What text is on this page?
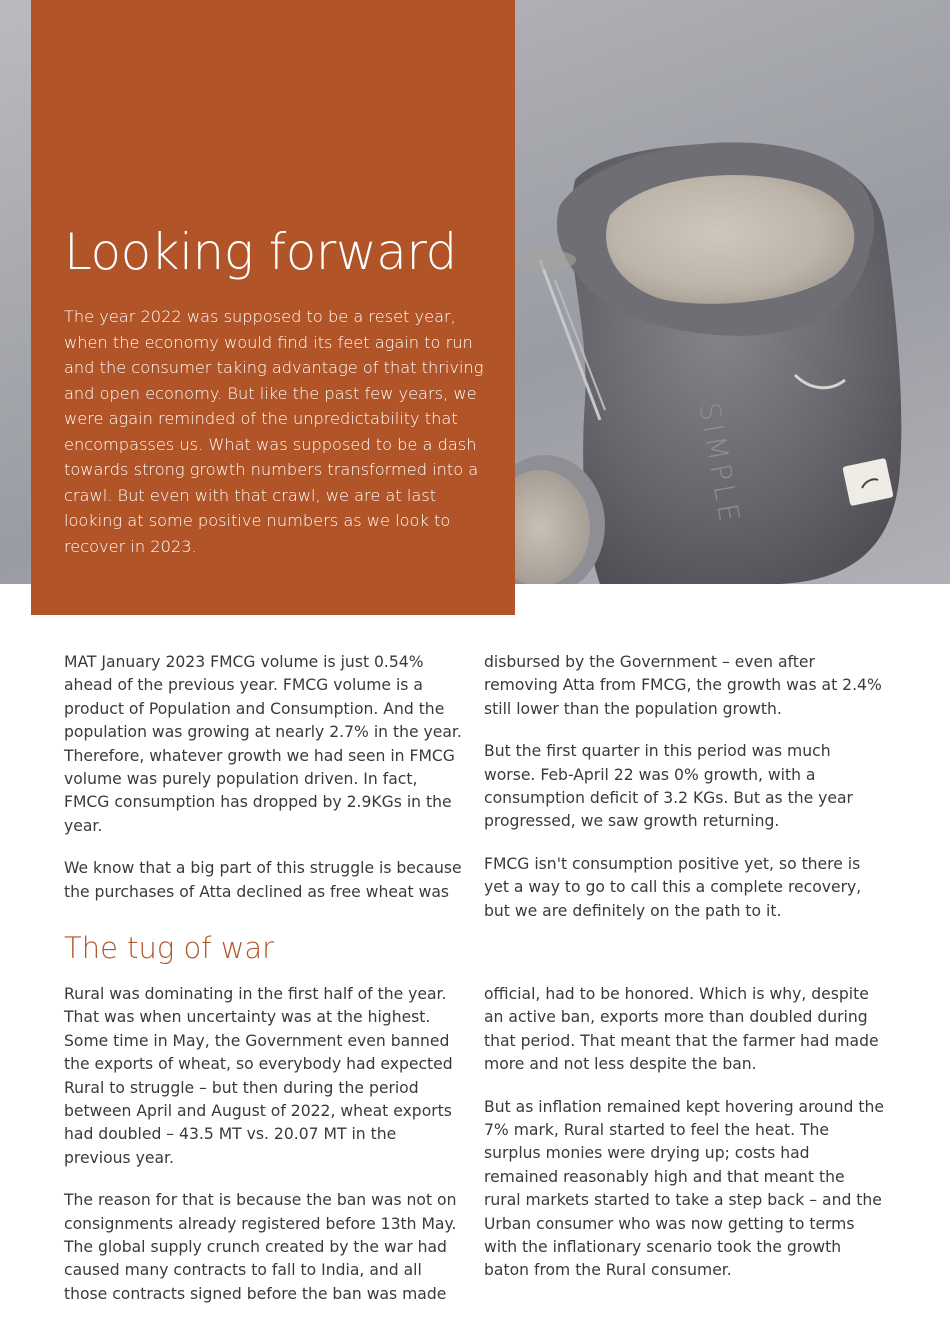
SIMPLE
Looking forward

The year 2022 was supposed to be a reset year, when the economy would find its feet again to run and the consumer taking advantage of that thriving and open economy. But like the past few years, we were again reminded of the unpredictability that encompasses us. What was supposed to be a dash towards strong growth numbers transformed into a crawl. But even with that crawl, we are at last looking at some positive numbers as we look to recover in 2023.

MAT January 2023 FMCG volume is just 0.54% ahead of the previous year. FMCG volume is a product of Population and Consumption. And the population was growing at nearly 2.7% in the year. Therefore, whatever growth we had seen in FMCG volume was purely population driven. In fact, FMCG consumption has dropped by 2.9KGs in the year.

We know that a big part of this struggle is because the purchases of Atta declined as free wheat was

disbursed by the Government – even after removing Atta from FMCG, the growth was at 2.4% still lower than the population growth.

But the first quarter in this period was much worse. Feb-April 22 was 0% growth, with a consumption deficit of 3.2 KGs. But as the year progressed, we saw growth returning.

FMCG isn't consumption positive yet, so there is yet a way to go to call this a complete recovery, but we are definitely on the path to it.

The tug of war

Rural was dominating in the first half of the year. That was when uncertainty was at the highest. Some time in May, the Government even banned the exports of wheat, so everybody had expected Rural to struggle – but then during the period between April and August of 2022, wheat exports had doubled – 43.5 MT vs. 20.07 MT in the previous year.

The reason for that is because the ban was not on consignments already registered before 13th May. The global supply crunch created by the war had caused many contracts to fall to India, and all those contracts signed before the ban was made

official, had to be honored. Which is why, despite an active ban, exports more than doubled during that period. That meant that the farmer had made more and not less despite the ban.

But as inflation remained kept hovering around the 7% mark, Rural started to feel the heat. The surplus monies were drying up; costs had remained reasonably high and that meant the rural markets started to take a step back – and the Urban consumer who was now getting to terms with the inflationary scenario took the growth baton from the Rural consumer.
